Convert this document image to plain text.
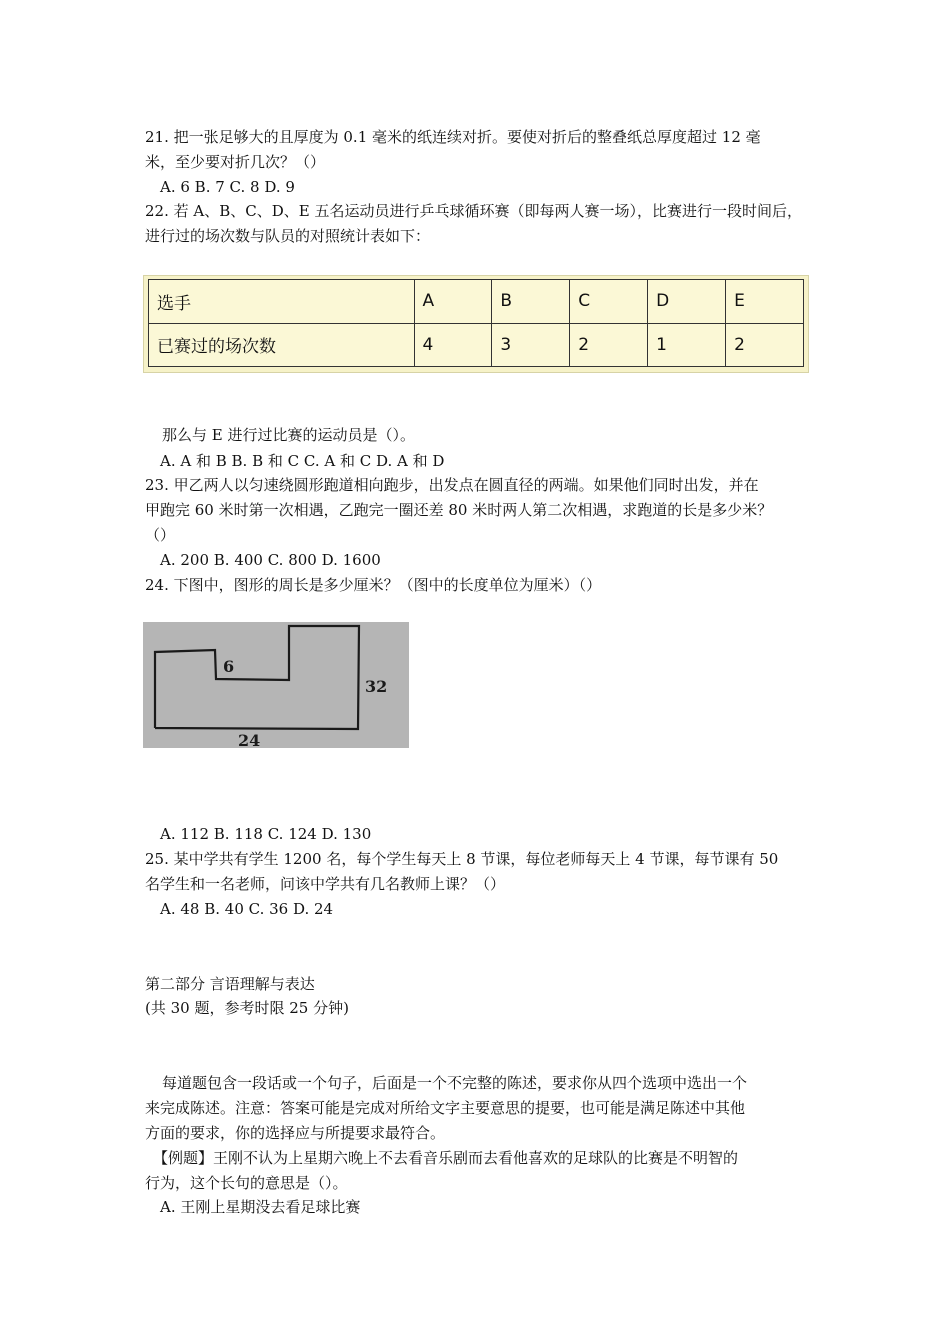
21. 把一张足够大的且厚度为 0.1 毫米的纸连续对折。要使对折后的整叠纸总厚度超过 12 毫
米，至少要对折几次？（）
A. 6 B. 7 C. 8 D. 9
22. 若 A、B、C、D、E 五名运动员进行乒乓球循环赛（即每两人赛一场），比赛进行一段时间后，
进行过的场次数与队员的对照统计表如下：
选手	A	B	C	D	E
已赛过的场次数	4	3	2	1	2
那么与 E 进行过比赛的运动员是（）。
A. A 和 B B. B 和 C C. A 和 C D. A 和 D
23. 甲乙两人以匀速绕圆形跑道相向跑步，出发点在圆直径的两端。如果他们同时出发，并在
甲跑完 60 米时第一次相遇，乙跑完一圈还差 80 米时两人第二次相遇，求跑道的长是多少米？
（）
A. 200 B. 400 C. 800 D. 1600
24. 下图中，图形的周长是多少厘米？（图中的长度单位为厘米）（）
6
32
24
A. 112 B. 118 C. 124 D. 130
25. 某中学共有学生 1200 名，每个学生每天上 8 节课，每位老师每天上 4 节课，每节课有 50
名学生和一名老师，问该中学共有几名教师上课？（）
A. 48 B. 40 C. 36 D. 24
第二部分 言语理解与表达
(共 30 题，参考时限 25 分钟)
每道题包含一段话或一个句子，后面是一个不完整的陈述，要求你从四个选项中选出一个
来完成陈述。注意：答案可能是完成对所给文字主要意思的提要，也可能是满足陈述中其他
方面的要求，你的选择应与所提要求最符合。
【例题】王刚不认为上星期六晚上不去看音乐剧而去看他喜欢的足球队的比赛是不明智的
行为，这个长句的意思是（）。
A. 王刚上星期没去看足球比赛
